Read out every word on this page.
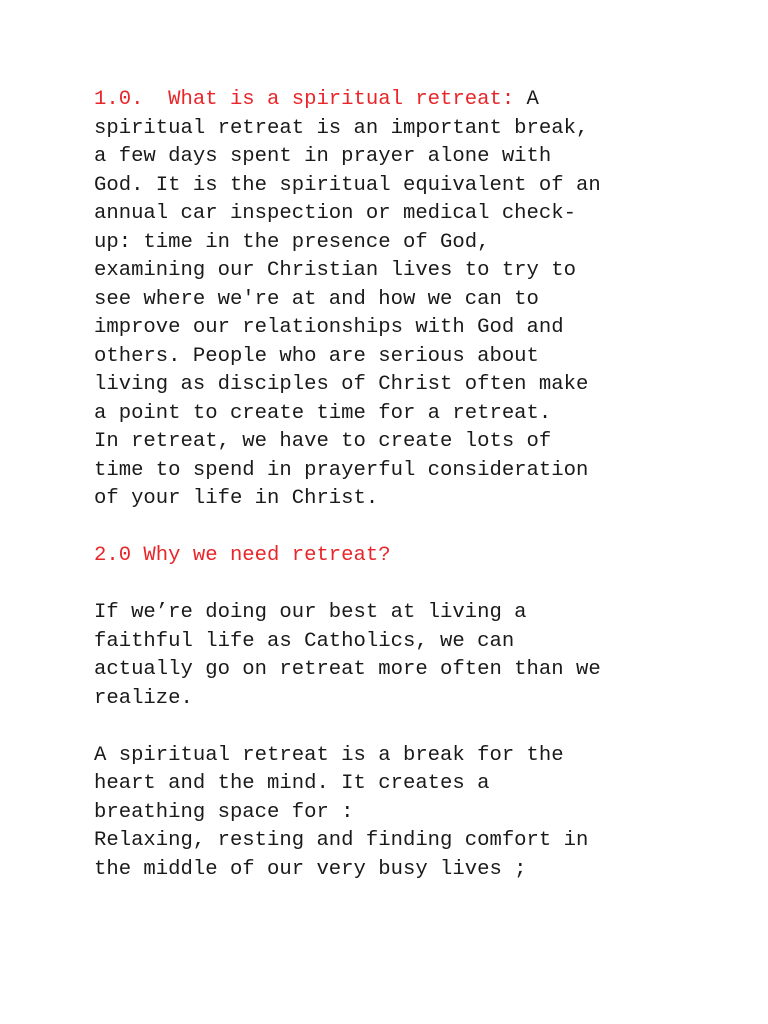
1.0.  What is a spiritual retreat: A
spiritual retreat is an important break,
a few days spent in prayer alone with
God. It is the spiritual equivalent of an
annual car inspection or medical check-
up: time in the presence of God,
examining our Christian lives to try to
see where we're at and how we can to
improve our relationships with God and
others. People who are serious about
living as disciples of Christ often make
a point to create time for a retreat.
In retreat, we have to create lots of
time to spend in prayerful consideration
of your life in Christ.
2.0 Why we need retreat?
If we’re doing our best at living a
faithful life as Catholics, we can
actually go on retreat more often than we
realize.
A spiritual retreat is a break for the
heart and the mind. It creates a
breathing space for :
Relaxing, resting and finding comfort in
the middle of our very busy lives ;
